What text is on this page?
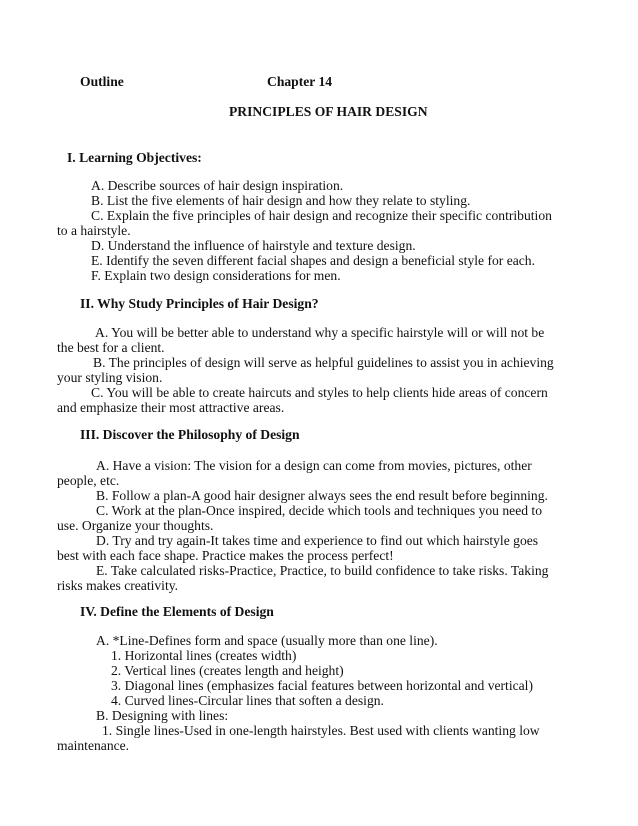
Outline	Chapter 14
PRINCIPLES OF HAIR DESIGN
I. Learning Objectives:
A. Describe sources of hair design inspiration.
B. List the five elements of hair design and how they relate to styling.
C. Explain the five principles of hair design and recognize their specific contribution
to a hairstyle.
D. Understand the influence of hairstyle and texture design.
E. Identify the seven different facial shapes and design a beneficial style for each.
F. Explain two design considerations for men.
II. Why Study Principles of Hair Design?
A. You will be better able to understand why a specific hairstyle will or will not be
the best for a client.
B. The principles of design will serve as helpful guidelines to assist you in achieving
your styling vision.
C. You will be able to create haircuts and styles to help clients hide areas of concern
and emphasize their most attractive areas.
III. Discover the Philosophy of Design
A. Have a vision: The vision for a design can come from movies, pictures, other
people, etc.
B. Follow a plan-A good hair designer always sees the end result before beginning.
C. Work at the plan-Once inspired, decide which tools and techniques you need to
use. Organize your thoughts.
D. Try and try again-It takes time and experience to find out which hairstyle goes
best with each face shape. Practice makes the process perfect!
E. Take calculated risks-Practice, Practice, to build confidence to take risks. Taking
risks makes creativity.
IV. Define the Elements of Design
A. *Line-Defines form and space (usually more than one line).
1. Horizontal lines (creates width)
2. Vertical lines (creates length and height)
3. Diagonal lines (emphasizes facial features between horizontal and vertical)
4. Curved lines-Circular lines that soften a design.
B. Designing with lines:
1. Single lines-Used in one-length hairstyles. Best used with clients wanting low
maintenance.
